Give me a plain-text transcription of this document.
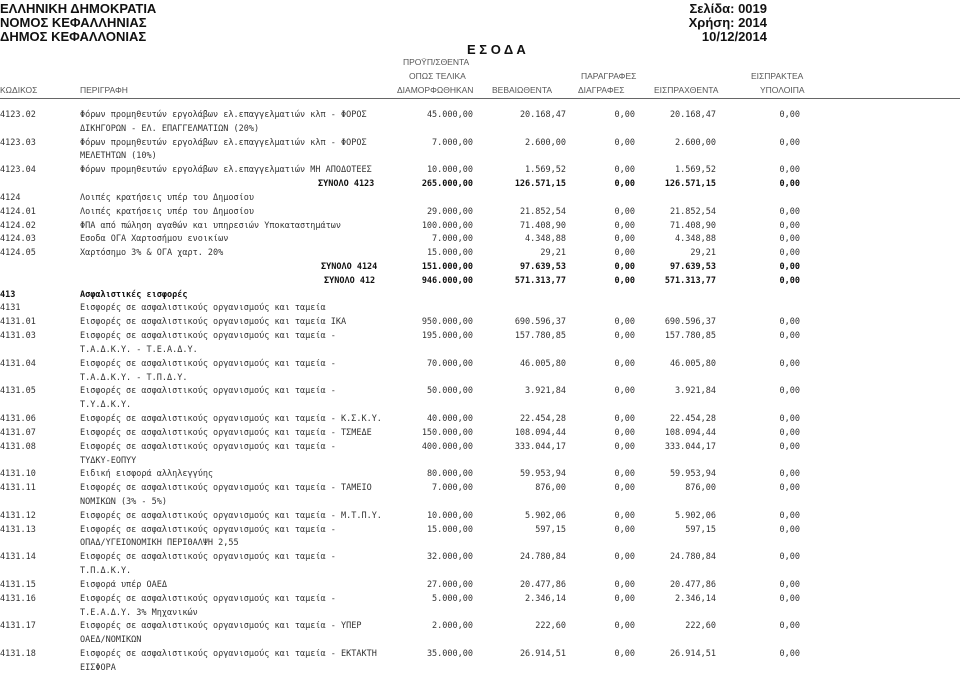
ΕΛΛΗΝΙΚΗ ΔΗΜΟΚΡΑΤΙΑ
ΝΟΜΟΣ ΚΕΦΑΛΛΗΝΙΑΣ
ΔΗΜΟΣ ΚΕΦΑΛΛΟΝΙΑΣ
Σελίδα: 0019
Χρήση: 2014
10/12/2014
Ε Σ Ο Δ Α
ΠΡΟΫΠ/ΣΘΕΝΤΑ
ΟΠΩΣ ΤΕΛΙΚΑ	ΠΑΡΑΓΡΑΦΕΣ	ΕΙΣΠΡΑΚΤΕΑ
ΚΩΔΙΚΟΣ	ΠΕΡΙΓΡΑΦΗ	ΔΙΑΜΟΡΦΩΘΗΚΑΝ ΒΕΒΑΙΩΘΕΝΤΑ	ΔΙΑΓΡΑΦΕΣ	ΕΙΣΠΡΑΧΘΕΝΤΑ	ΥΠΟΛΟΙΠΑ
4123.02	Φόρων προμηθευτών εργολάβων ελ.επαγγελματιών κλπ - ΦΟΡΟΣ	45.000,00	20.168,47	0,00	20.168,47	0,00
ΔΙΚΗΓΟΡΩΝ - ΕΛ. ΕΠΑΓΓΕΛΜΑΤΙΩΝ (20%)
4123.03	Φόρων προμηθευτών εργολάβων ελ.επαγγελματιών κλπ - ΦΟΡΟΣ	7.000,00	2.600,00	0,00	2.600,00	0,00
ΜΕΛΕΤΗΤΩΝ (10%)
4123.04	Φόρων προμηθευτών εργολάβων ελ.επαγγελματιών ΜΗ ΑΠΟΔΟΤΕΕΣ	10.000,00	1.569,52	0,00	1.569,52	0,00
ΣΥΝΟΛΟ 4123	265.000,00	126.571,15	0,00	126.571,15	0,00
4124	Λοιπές κρατήσεις υπέρ του Δημοσίου
4124.01	Λοιπές κρατήσεις υπέρ του Δημοσίου	29.000,00	21.852,54	0,00	21.852,54	0,00
4124.02	ΦΠΑ από πώληση αγαθών και υπηρεσιών Υποκαταστημάτων	100.000,00	71.408,90	0,00	71.408,90	0,00
4124.03	Εσοδα ΟΓΑ Χαρτοσήμου ενοικίων	7.000,00	4.348,88	0,00	4.348,88	0,00
4124.05	Χαρτόσημο 3% & ΟΓΑ χαρτ. 20%	15.000,00	29,21	0,00	29,21	0,00
ΣΥΝΟΛΟ 4124	151.000,00	97.639,53	0,00	97.639,53	0,00
ΣΥΝΟΛΟ 412	946.000,00	571.313,77	0,00	571.313,77	0,00
413	Ασφαλιστικές εισφορές
4131	Εισφορές σε ασφαλιστικούς οργανισμούς και ταμεία
4131.01	Εισφορές σε ασφαλιστικούς οργανισμούς και ταμεία ΙΚΑ	950.000,00	690.596,37	0,00	690.596,37	0,00
4131.03	Εισφορές σε ασφαλιστικούς οργανισμούς και ταμεία -	195.000,00	157.780,85	0,00	157.780,85	0,00
Τ.Α.Δ.Κ.Υ. - Τ.Ε.Α.Δ.Υ.
4131.04	Εισφορές σε ασφαλιστικούς οργανισμούς και ταμεία -	70.000,00	46.005,80	0,00	46.005,80	0,00
Τ.Α.Δ.Κ.Υ. - Τ.Π.Δ.Υ.
4131.05	Εισφορές σε ασφαλιστικούς οργανισμούς και ταμεία -	50.000,00	3.921,84	0,00	3.921,84	0,00
Τ.Υ.Δ.Κ.Υ.
4131.06	Εισφορές σε ασφαλιστικούς οργανισμούς και ταμεία - Κ.Σ.Κ.Υ.	40.000,00	22.454,28	0,00	22.454,28	0,00
4131.07	Εισφορές σε ασφαλιστικούς οργανισμούς και ταμεία - ΤΣΜΕΔΕ	150.000,00	108.094,44	0,00	108.094,44	0,00
4131.08	Εισφορές σε ασφαλιστικούς οργανισμούς και ταμεία -	400.000,00	333.044,17	0,00	333.044,17	0,00
ΤΥΔΚΥ-ΕΟΠΥΥ
4131.10	Ειδική εισφορά αλληλεγγύης	80.000,00	59.953,94	0,00	59.953,94	0,00
4131.11	Εισφορές σε ασφαλιστικούς οργανισμούς και ταμεία - ΤΑΜΕΙΟ	7.000,00	876,00	0,00	876,00	0,00
ΝΟΜΙΚΩΝ (3% - 5%)
4131.12	Εισφορές σε ασφαλιστικούς οργανισμούς και ταμεία - Μ.Τ.Π.Υ.	10.000,00	5.902,06	0,00	5.902,06	0,00
4131.13	Εισφορές σε ασφαλιστικούς οργανισμούς και ταμεία -	15.000,00	597,15	0,00	597,15	0,00
ΟΠΑΔ/ΥΓΕΙΟΝΟΜΙΚΗ ΠΕΡΙΘΑΛΨΗ 2,55
4131.14	Εισφορές σε ασφαλιστικούς οργανισμούς και ταμεία -	32.000,00	24.780,84	0,00	24.780,84	0,00
Τ.Π.Δ.Κ.Υ.
4131.15	Εισφορά υπέρ ΟΑΕΔ	27.000,00	20.477,86	0,00	20.477,86	0,00
4131.16	Εισφορές σε ασφαλιστικούς οργανισμούς και ταμεία -	5.000,00	2.346,14	0,00	2.346,14	0,00
Τ.Ε.Α.Δ.Υ. 3% Μηχανικών
4131.17	Εισφορές σε ασφαλιστικούς οργανισμούς και ταμεία - ΥΠΕΡ	2.000,00	222,60	0,00	222,60	0,00
ΟΑΕΔ/ΝΟΜΙΚΩΝ
4131.18	Εισφορές σε ασφαλιστικούς οργανισμούς και ταμεία - ΕΚΤΑΚΤΗ	35.000,00	26.914,51	0,00	26.914,51	0,00
ΕΙΣΦΟΡΑ
